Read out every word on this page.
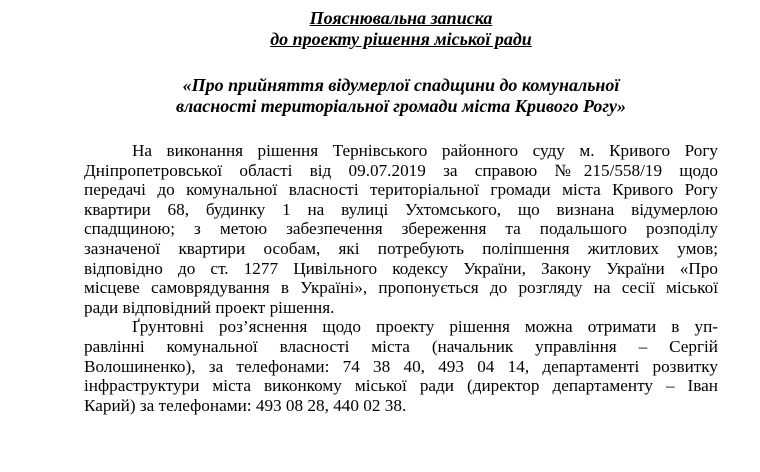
Пояснювальна записка
до проекту рішення міської ради
«Про прийняття відумерлої спадщини до комунальної
власності територіальної громади міста Кривого Рогу»
На виконання рішення Тернівського районного суду м. Кривого Рогу
Дніпропетровської області від 09.07.2019 за справою №215/558/19 щодо
передачі до комунальної власності територіальної громади міста Кривого Рогу
квартири 68, будинку 1 на вулиці Ухтомського, що визнана відумерлою
спадщиною; з метою забезпечення збереження та подальшого розподілу
зазначеної квартири особам, які потребують поліпшення житлових умов;
відповідно до ст. 1277 Цивільного кодексу України, Закону України «Про
місцеве самоврядування в Україні», пропонується до розгляду на сесії міської
ради відповідний проект рішення.
Ґрунтовні роз’яснення щодо проекту рішення можна отримати в уп-
равлінні комунальної власності міста (начальник управління – Сергій
Волошиненко), за телефонами: 74 38 40, 493 04 14, департаменті розвитку
інфраструктури міста виконкому міської ради (директор департаменту – Іван
Карий) за телефонами: 493 08 28, 440 02 38.
